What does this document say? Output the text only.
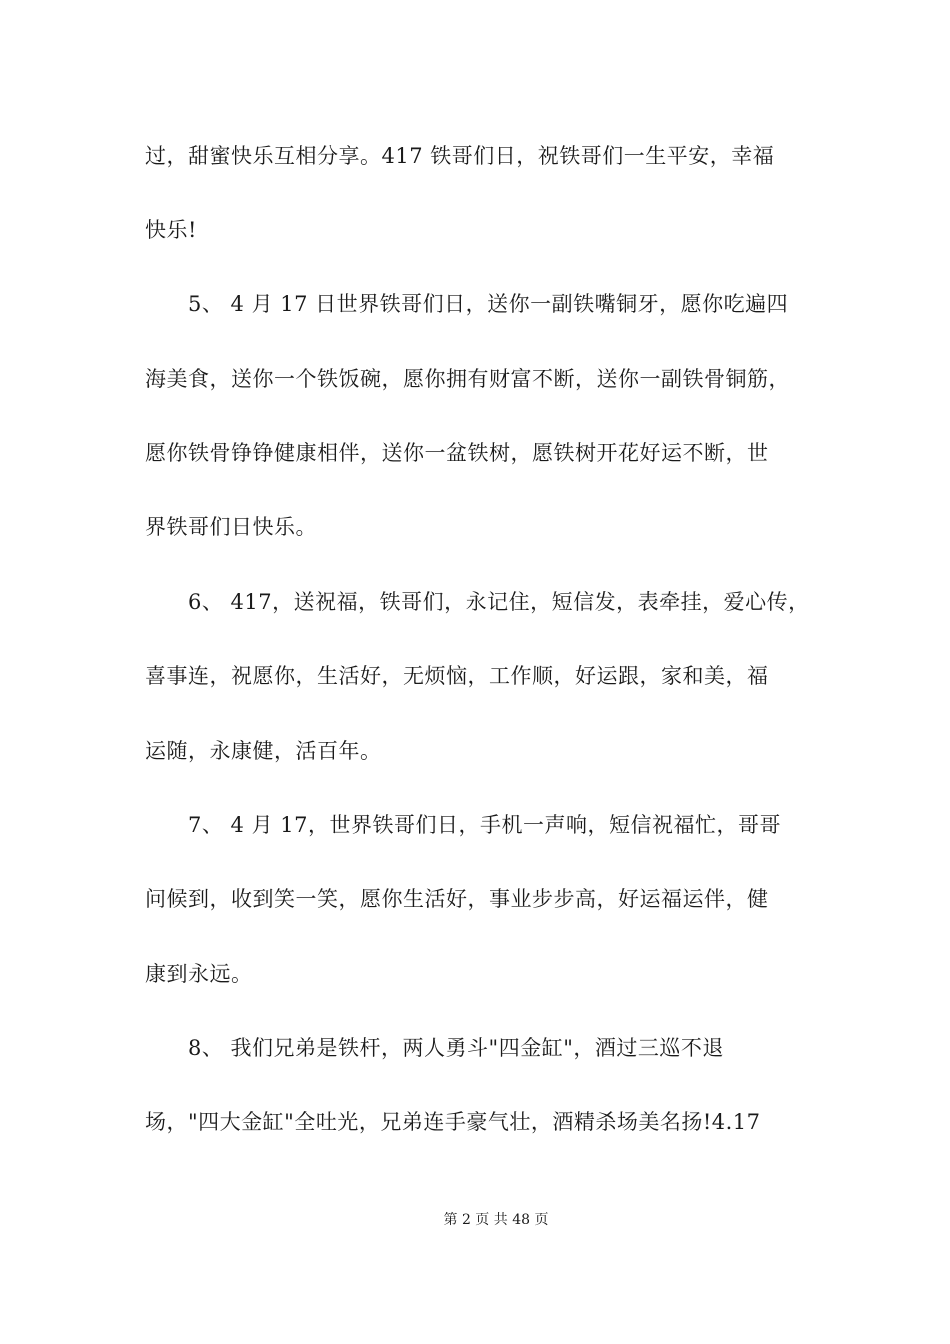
过，甜蜜快乐互相分享。417 铁哥们日，祝铁哥们一生平安，幸福
快乐!
5、 4 月 17 日世界铁哥们日，送你一副铁嘴铜牙，愿你吃遍四
海美食，送你一个铁饭碗，愿你拥有财富不断，送你一副铁骨铜筋，
愿你铁骨铮铮健康相伴，送你一盆铁树，愿铁树开花好运不断，世
界铁哥们日快乐。
6、 417，送祝福，铁哥们，永记住，短信发，表牵挂，爱心传，
喜事连，祝愿你，生活好，无烦恼，工作顺，好运跟，家和美，福
运随，永康健，活百年。
7、 4 月 17，世界铁哥们日，手机一声响，短信祝福忙，哥哥
问候到，收到笑一笑，愿你生活好，事业步步高，好运福运伴，健
康到永远。
8、 我们兄弟是铁杆，两人勇斗"四金缸"，酒过三巡不退
场，"四大金缸"全吐光，兄弟连手豪气壮，酒精杀场美名扬!4.17
第 2 页 共 48 页
